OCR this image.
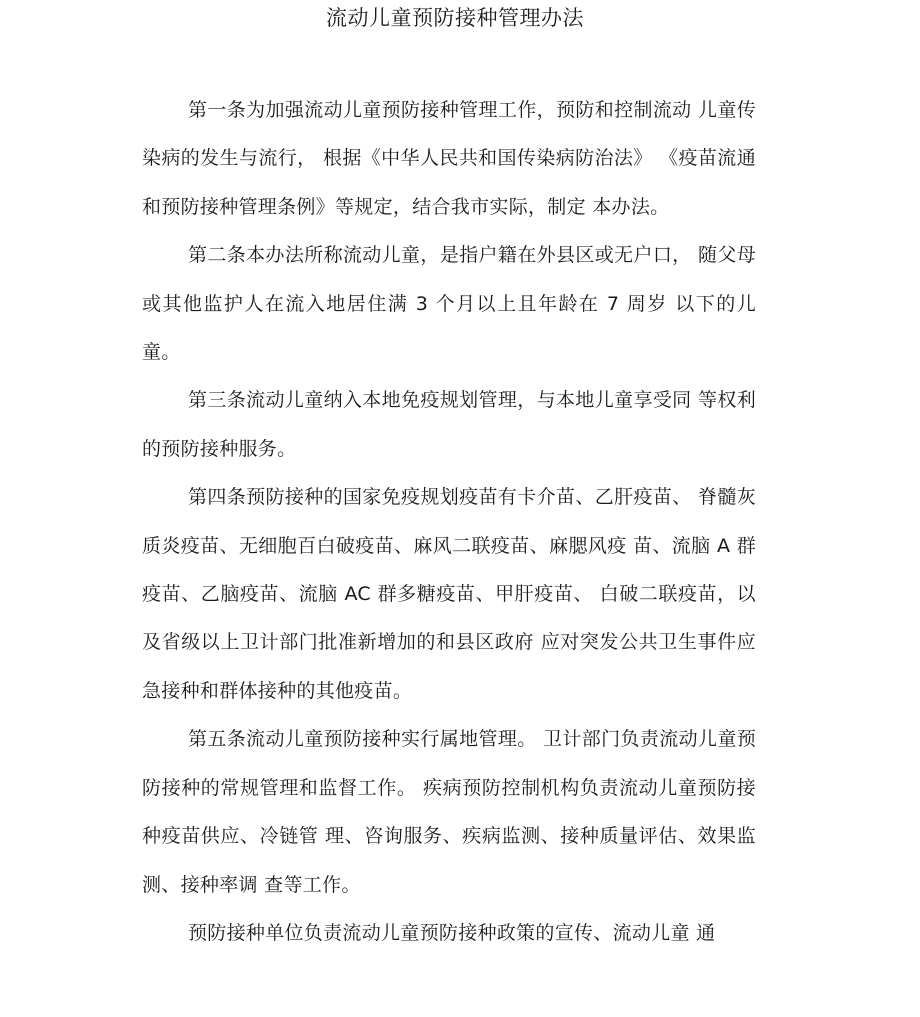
流动儿童预防接种管理办法

第一条为加强流动儿童预防接种管理工作，预防和控制流动 儿童传染病的发生与流行， 根据《中华人民共和国传染病防治法》 《疫苗流通和预防接种管理条例》等规定，结合我市实际，制定 本办法。

第二条本办法所称流动儿童，是指户籍在外县区或无户口， 随父母或其他监护人在流入地居住满 3 个月以上且年龄在 7 周岁 以下的儿童。

第三条流动儿童纳入本地免疫规划管理，与本地儿童享受同 等权利的预防接种服务。

第四条预防接种的国家免疫规划疫苗有卡介苗、乙肝疫苗、 脊髓灰质炎疫苗、无细胞百白破疫苗、麻风二联疫苗、麻腮风疫 苗、流脑 A 群疫苗、乙脑疫苗、流脑 AC 群多糖疫苗、甲肝疫苗、 白破二联疫苗，以及省级以上卫计部门批准新增加的和县区政府 应对突发公共卫生事件应急接种和群体接种的其他疫苗。

第五条流动儿童预防接种实行属地管理。 卫计部门负责流动儿童预防接种的常规管理和监督工作。 疾病预防控制机构负责流动儿童预防接种疫苗供应、冷链管 理、咨询服务、疾病监测、接种质量评估、效果监测、接种率调 查等工作。

预防接种单位负责流动儿童预防接种政策的宣传、流动儿童 通
